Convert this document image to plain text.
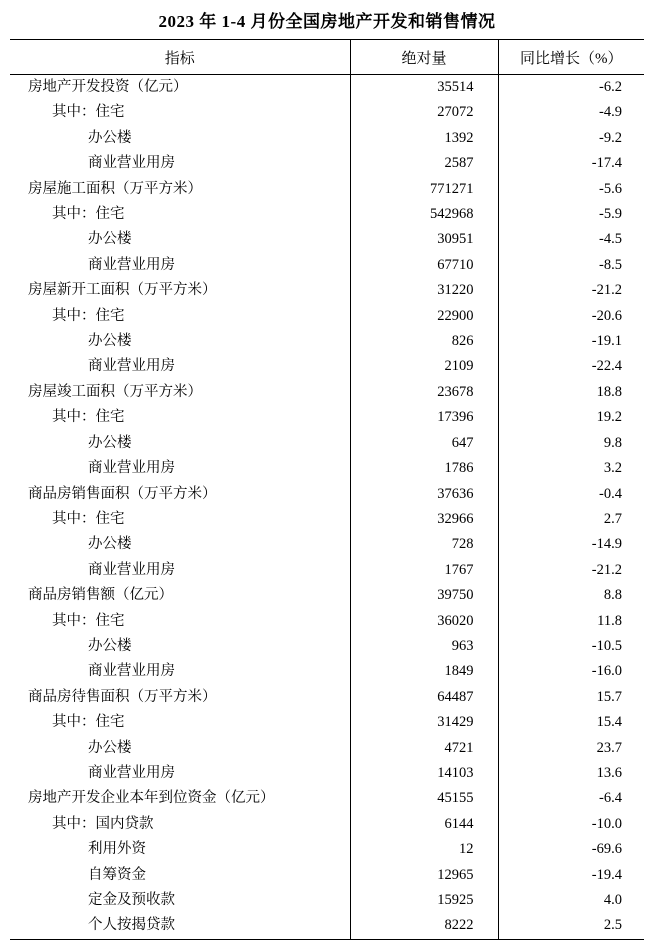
2023 年 1-4 月份全国房地产开发和销售情况
指标	绝对量	同比增长（%）
房地产开发投资（亿元）	35514	-6.2
其中：住宅	27072	-4.9
办公楼	1392	-9.2
商业营业用房	2587	-17.4
房屋施工面积（万平方米）	771271	-5.6
其中：住宅	542968	-5.9
办公楼	30951	-4.5
商业营业用房	67710	-8.5
房屋新开工面积（万平方米）	31220	-21.2
其中：住宅	22900	-20.6
办公楼	826	-19.1
商业营业用房	2109	-22.4
房屋竣工面积（万平方米）	23678	18.8
其中：住宅	17396	19.2
办公楼	647	9.8
商业营业用房	1786	3.2
商品房销售面积（万平方米）	37636	-0.4
其中：住宅	32966	2.7
办公楼	728	-14.9
商业营业用房	1767	-21.2
商品房销售额（亿元）	39750	8.8
其中：住宅	36020	11.8
办公楼	963	-10.5
商业营业用房	1849	-16.0
商品房待售面积（万平方米）	64487	15.7
其中：住宅	31429	15.4
办公楼	4721	23.7
商业营业用房	14103	13.6
房地产开发企业本年到位资金（亿元）	45155	-6.4
其中：国内贷款	6144	-10.0
利用外资	12	-69.6
自筹资金	12965	-19.4
定金及预收款	15925	4.0
个人按揭贷款	8222	2.5
